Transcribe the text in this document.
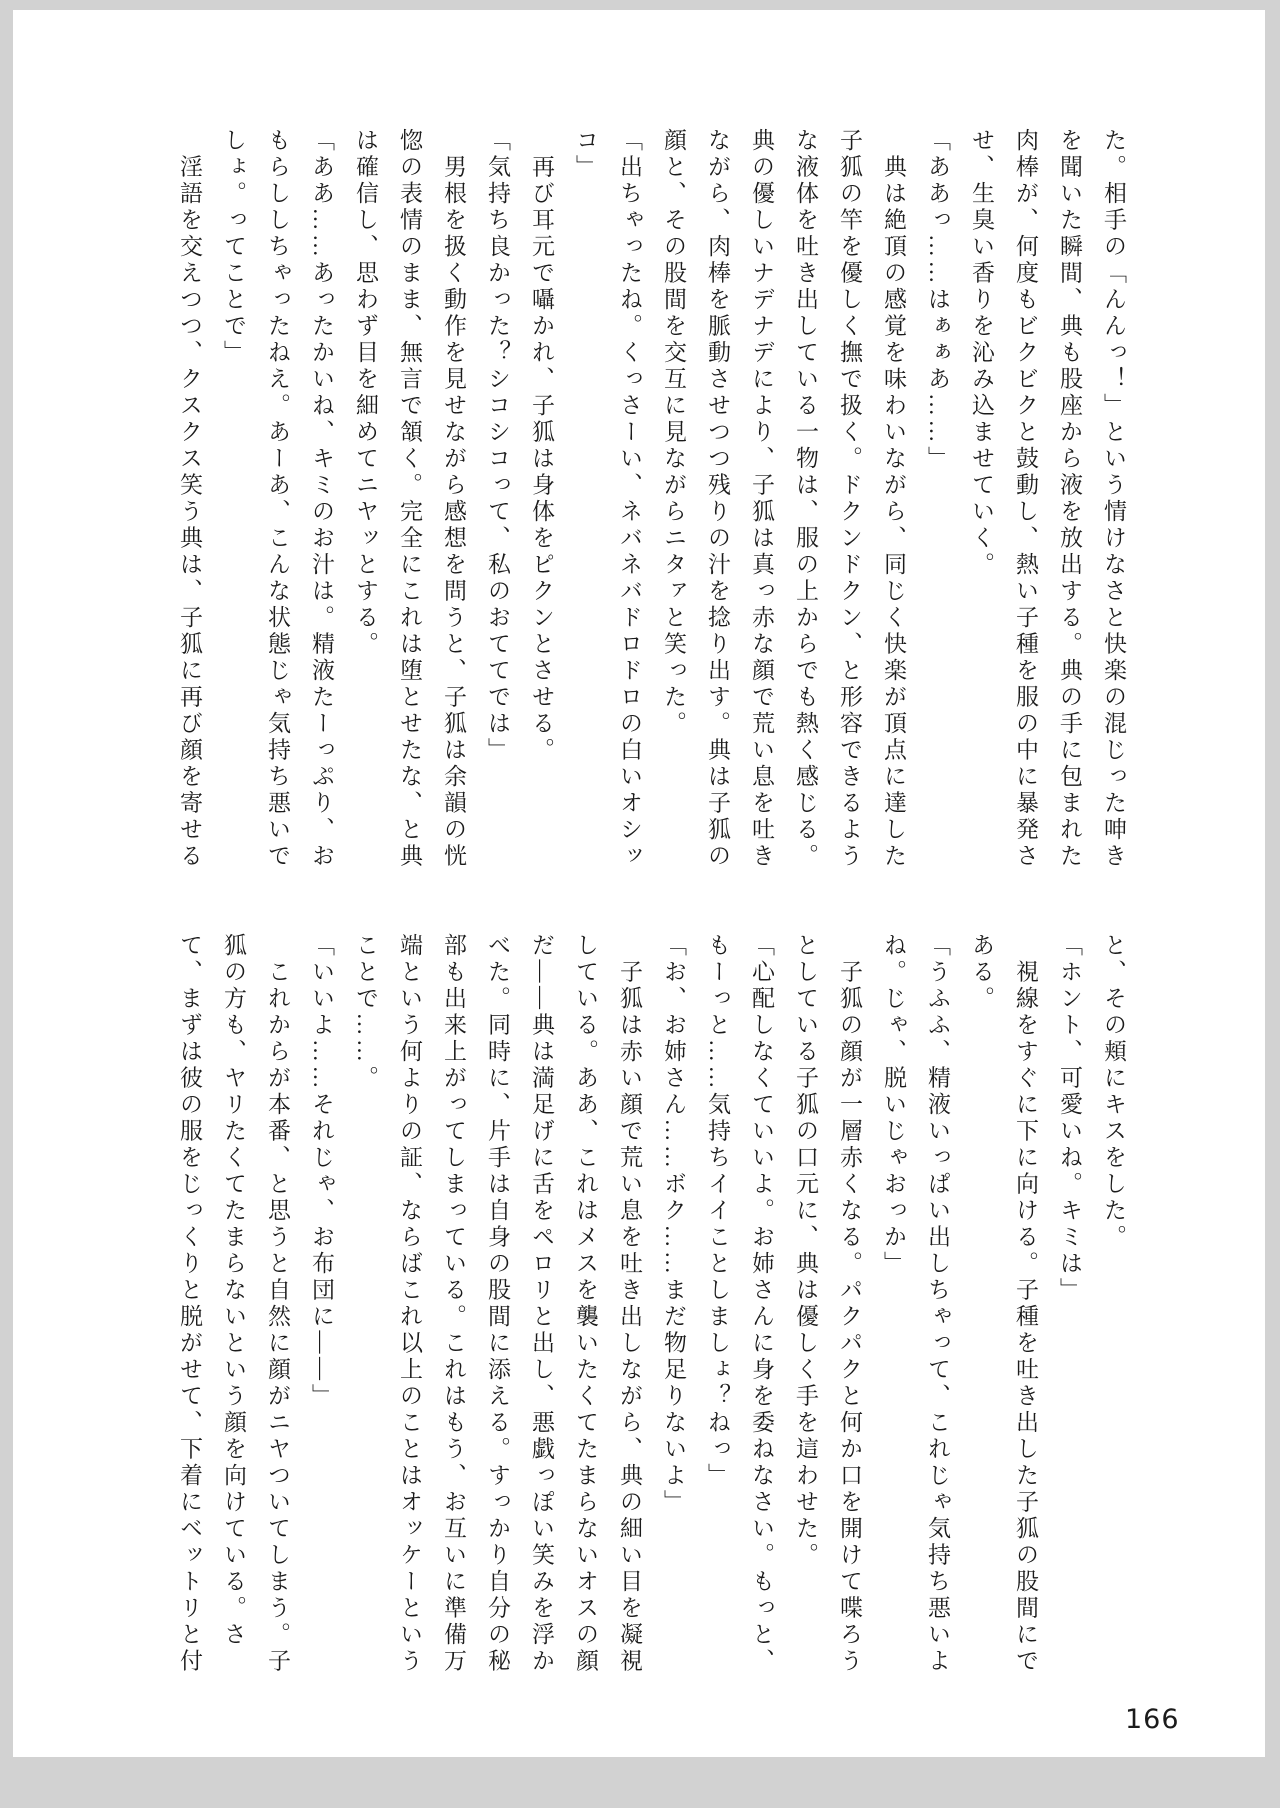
た。相手の「んんっ！」という情けなさと快楽の混じった呻き
を聞いた瞬間、典も股座から液を放出する。典の手に包まれた
肉棒が、何度もビクビクと鼓動し、熱い子種を服の中に暴発さ
せ、生臭い香りを沁み込ませていく。
「ああっ……はぁぁあ……」
　典は絶頂の感覚を味わいながら、同じく快楽が頂点に達した
子狐の竿を優しく撫で扱く。ドクンドクン、と形容できるよう
な液体を吐き出している一物は、服の上からでも熱く感じる。
典の優しいナデナデにより、子狐は真っ赤な顔で荒い息を吐き
ながら、肉棒を脈動させつつ残りの汁を捻り出す。典は子狐の
顔と、その股間を交互に見ながらニタァと笑った。
「出ちゃったね。くっさーい、ネバネバドロドロの白いオシッ
コ」
　再び耳元で囁かれ、子狐は身体をピクンとさせる。
「気持ち良かった？シコシコって、私のおててでは」
　男根を扱く動作を見せながら感想を問うと、子狐は余韻の恍
惚の表情のまま、無言で頷く。完全にこれは堕とせたな、と典
は確信し、思わず目を細めてニヤッとする。
「ああ……あったかいね、キミのお汁は。精液たーっぷり、お
もらししちゃったねえ。あーあ、こんな状態じゃ気持ち悪いで
しょ。ってことで」
　淫語を交えつつ、クスクス笑う典は、子狐に再び顔を寄せる
と、その頬にキスをした。
「ホント、可愛いね。キミは」
　視線をすぐに下に向ける。子種を吐き出した子狐の股間にで
ある。
「うふふ、精液いっぱい出しちゃって、これじゃ気持ち悪いよ
ね。じゃ、脱いじゃおっか」
　子狐の顔が一層赤くなる。パクパクと何か口を開けて喋ろう
としている子狐の口元に、典は優しく手を這わせた。
「心配しなくていいよ。お姉さんに身を委ねなさい。もっと、
もーっと……気持ちイイことしましょ？ねっ」
「お、お姉さん……ボク……まだ物足りないよ」
　子狐は赤い顔で荒い息を吐き出しながら、典の細い目を凝視
している。ああ、これはメスを襲いたくてたまらないオスの顔
だ――典は満足げに舌をペロリと出し、悪戯っぽい笑みを浮か
べた。同時に、片手は自身の股間に添える。すっかり自分の秘
部も出来上がってしまっている。これはもう、お互いに準備万
端という何よりの証、ならばこれ以上のことはオッケーという
ことで……。
「いいよ……それじゃ、お布団に――」
　これからが本番、と思うと自然に顔がニヤついてしまう。子
狐の方も、ヤリたくてたまらないという顔を向けている。さ
て、まずは彼の服をじっくりと脱がせて、下着にベットリと付
166
